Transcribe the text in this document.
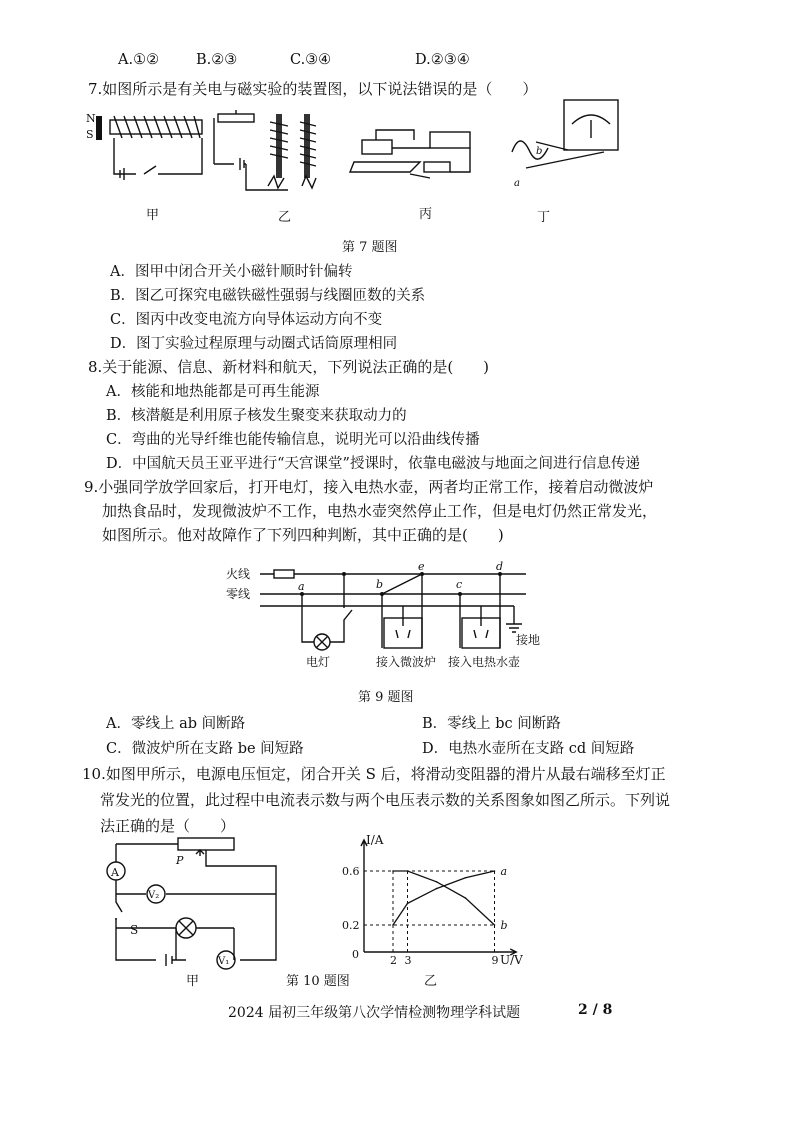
A.①②	B.②③	C.③④	D.②③④
7.如图所示是有关电与磁实验的装置图，以下说法错误的是（　　）
N
S
甲	乙	丙
b
a
丁
第 7 题图
A．图甲中闭合开关小磁针顺时针偏转
B．图乙可探究电磁铁磁性强弱与线圈匝数的关系
C．图丙中改变电流方向导体运动方向不变
D．图丁实验过程原理与动圈式话筒原理相同
8.关于能源、信息、新材料和航天，下列说法正确的是(　　)
A．核能和地热能都是可再生能源
B．核潜艇是利用原子核发生聚变来获取动力的
C．弯曲的光导纤维也能传输信息，说明光可以沿曲线传播
D．中国航天员王亚平进行“天宫课堂”授课时，依靠电磁波与地面之间进行信息传递
9.小强同学放学回家后，打开电灯，接入电热水壶，两者均正常工作，接着启动微波炉
加热食品时，发现微波炉不工作，电热水壶突然停止工作，但是电灯仍然正常发光，
如图所示。他对故障作了下列四种判断，其中正确的是(　　)
火线
零线
接地
a
电灯
b
e
接入微波炉
c
d
接入电热水壶
第 9 题图
A．零线上 ab 间断路	B．零线上 bc 间断路
C．微波炉所在支路 be 间短路	D．电热水壶所在支路 cd 间短路
10.如图甲所示，电源电压恒定，闭合开关 S 后，将滑动变阻器的滑片从最右端移至灯正
常发光的位置，此过程中电流表示数与两个电压表示数的关系图象如图乙所示。下列说
法正确的是（　　）
P
A
V₂
S
V₁
甲	第 10 题图
I/A
U/V
0
0.2
0.6
2 3	9
a
b
乙
2024 届初三年级第八次学情检测物理学科试题	2 / 8
